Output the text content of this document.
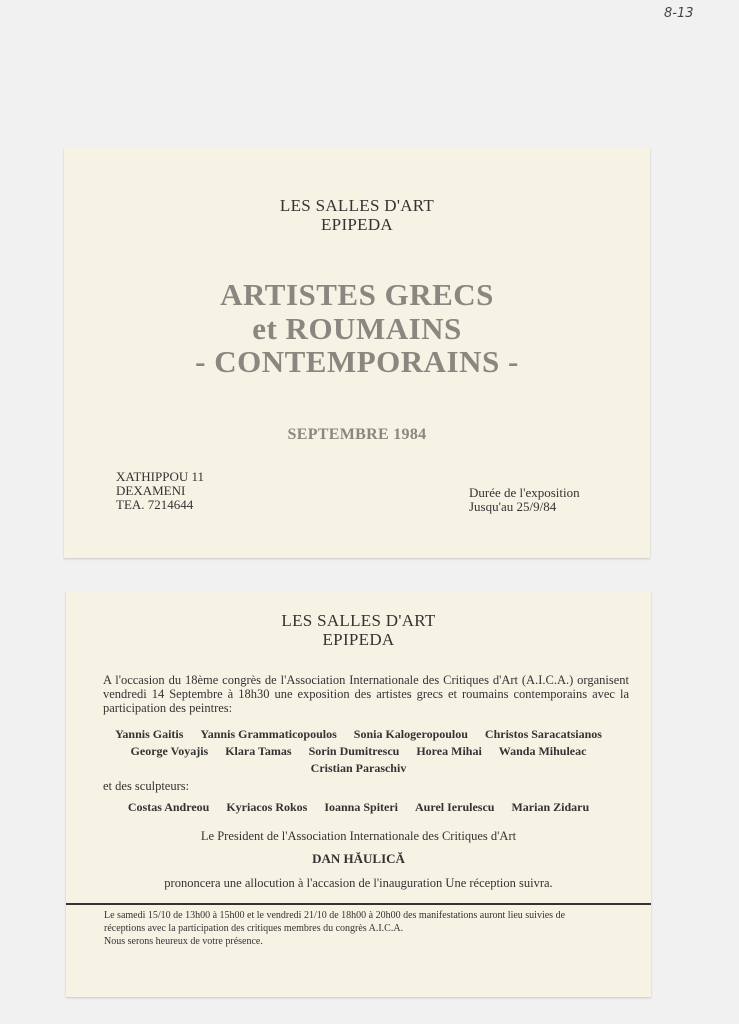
8-13
LES SALLES D'ART
EPIPEDA
ARTISTES GRECS
et ROUMAINS
- CONTEMPORAINS -
SEPTEMBRE 1984
XATHIPPOU 11
DEXAMENI
TEA. 7214644
Durée de l'exposition
Jusqu'au 25/9/84
LES SALLES D'ART
EPIPEDA
A l'occasion du 18ème congrès de l'Association Internationale des Critiques d'Art (A.I.C.A.) organisent vendredi 14 Septembre à 18h30 une exposition des artistes grecs et roumains contemporains avec la participation des peintres:
Yannis Gaitis Yannis Grammaticopoulos Sonia Kalogeropoulou Christos Saracatsianos
George Voyajis Klara Tamas Sorin Dumitrescu Horea Mihai Wanda Mihuleac
Cristian Paraschiv
et des sculpteurs:
Costas Andreou Kyriacos Rokos Ioanna Spiteri Aurel Ierulescu Marian Zidaru
Le President de l'Association Internationale des Critiques d'Art
DAN HĂULICĂ
prononcera une allocution à l'accasion de l'inauguration Une réception suivra.
Le samedi 15/10 de 13h00 à 15h00 et le vendredi 21/10 de 18h00 à 20h00 des manifestations auront lieu suivies de
réceptions avec la participation des critiques membres du congrès A.I.C.A.
Nous serons heureux de votre présence.
